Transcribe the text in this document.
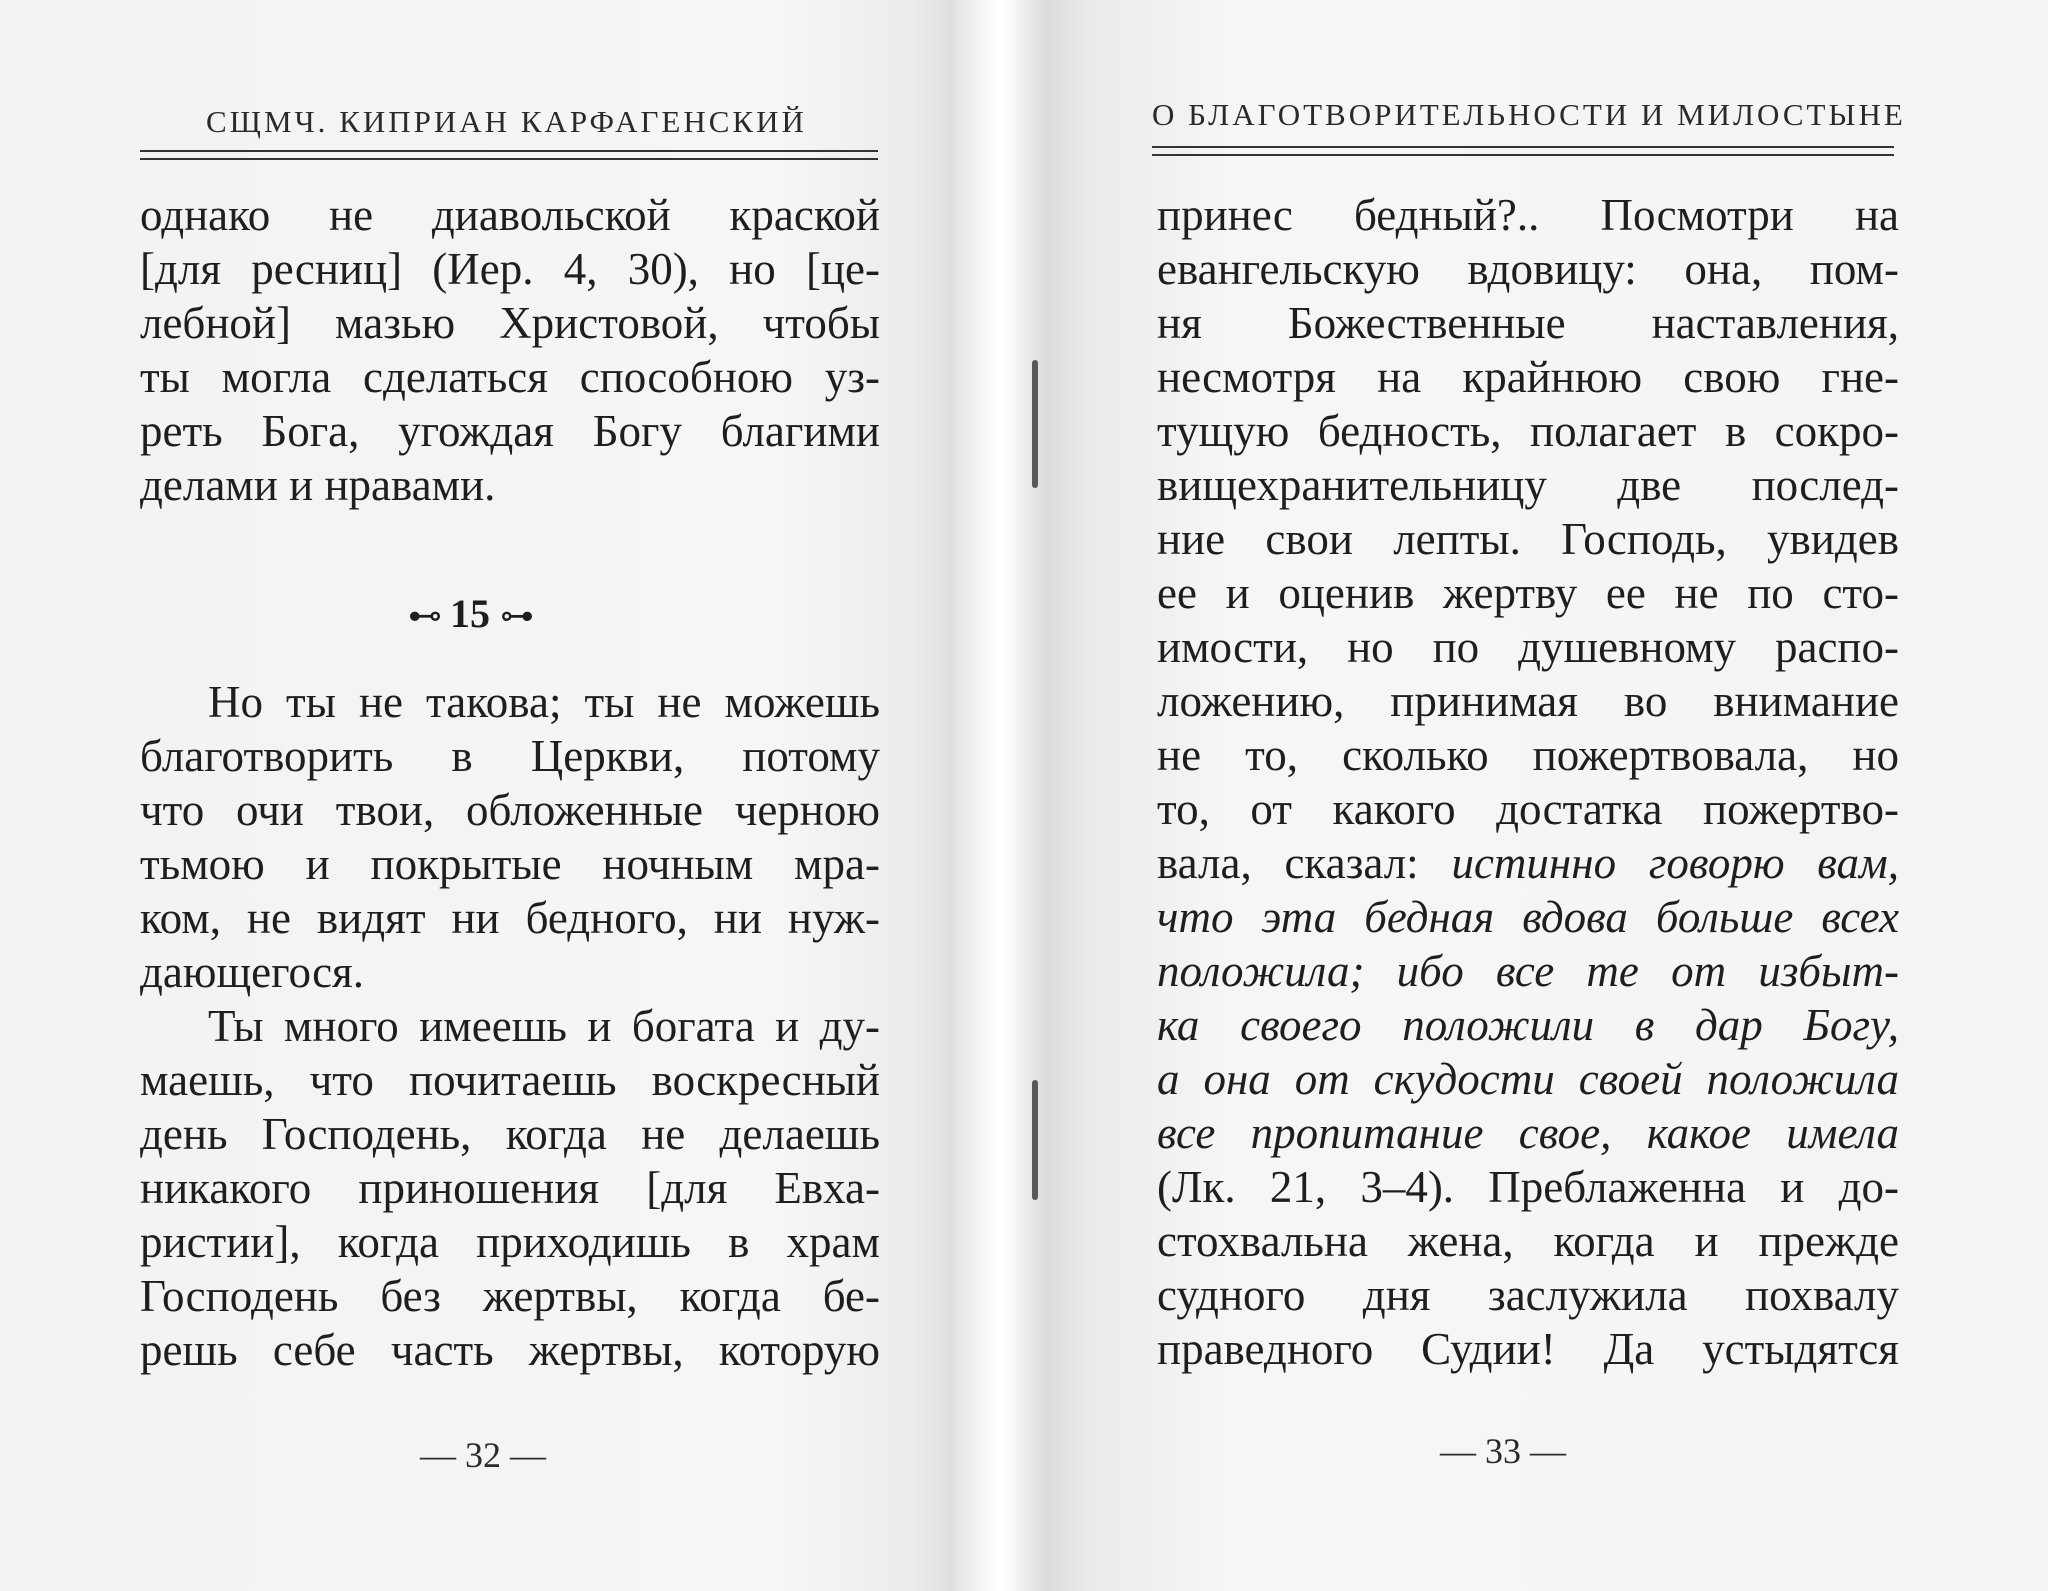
СЩМЧ. КИПРИАН КАРФАГЕНСКИЙ
однако не диавольской краской
[для ресниц] (Иер. 4, 30), но [це-
лебной] мазью Христовой, чтобы
ты могла сделаться способною уз-
реть Бога, угождая Богу благими
делами и нравами.
⊷ 15 ⊶
Но ты не такова; ты не можешь
благотворить в Церкви, потому
что очи твои, обложенные черною
тьмою и покрытые ночным мра-
ком, не видят ни бедного, ни нуж-
дающегося.
Ты много имеешь и богата и ду-
маешь, что почитаешь воскресный
день Господень, когда не делаешь
никакого приношения [для Евха-
ристии], когда приходишь в храм
Господень без жертвы, когда бе-
решь себе часть жертвы, которую
— 32 —
О БЛАГОТВОРИТЕЛЬНОСТИ И МИЛОСТЫНЕ
принес бедный?.. Посмотри на
евангельскую вдовицу: она, пом-
ня Божественные наставления,
несмотря на крайнюю свою гне-
тущую бедность, полагает в сокро-
вищехранительницу две послед-
ние свои лепты. Господь, увидев
ее и оценив жертву ее не по сто-
имости, но по душевному распо-
ложению, принимая во внимание
не то, сколько пожертвовала, но
то, от какого достатка пожертво-
вала, сказал: истинно говорю вам,
что эта бедная вдова больше всех
положила; ибо все те от избыт-
ка своего положили в дар Богу,
а она от скудости своей положила
все пропитание свое, какое имела
(Лк. 21, 3–4). Преблаженна и до-
стохвальна жена, когда и прежде
судного дня заслужила похвалу
праведного Судии! Да устыдятся
— 33 —
